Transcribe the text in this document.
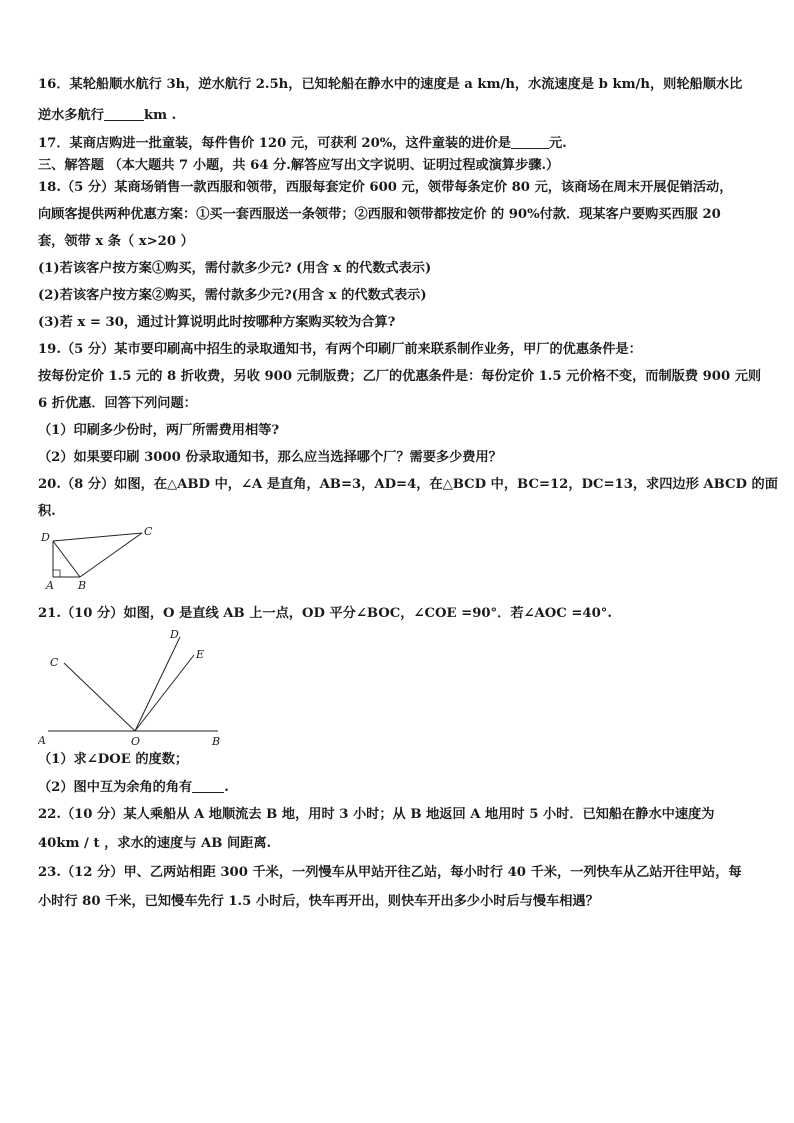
16．某轮船顺水航行 3h，逆水航行 2.5h，已知轮船在静水中的速度是 a km/h，水流速度是 b km/h，则轮船顺水比

逆水多航行	km .

17．某商店购进一批童装，每件售价 120 元，可获利 20%，这件童装的进价是	元.

三、解答题 （本大题共 7 小题，共 64 分.解答应写出文字说明、证明过程或演算步骤.）

18.（5 分）某商场销售一款西服和领带，西服每套定价 600 元，领带每条定价 80 元，该商场在周末开展促销活动，

向顾客提供两种优惠方案：①买一套西服送一条领带；②西服和领带都按定价 的 90%付款．现某客户要购买西服 20

套，领带 x 条（ x>20 ）

(1)若该客户按方案①购买，需付款多少元? (用含 x 的代数式表示)

(2)若该客户按方案②购买，需付款多少元?(用含 x 的代数式表示)

(3)若 x = 30，通过计算说明此时按哪种方案购买较为合算?

19.（5 分）某市要印刷高中招生的录取通知书，有两个印刷厂前来联系制作业务，甲厂的优惠条件是：

按每份定价 1.5 元的 8 折收费，另收 900 元制版费；乙厂的优惠条件是：每份定价 1.5 元价格不变，而制版费 900 元则

6 折优惠．回答下列问题：

（1）印刷多少份时，两厂所需费用相等?

（2）如果要印刷 3000 份录取通知书，那么应当选择哪个厂？需要多少费用？

20.（8 分）如图，在△ABD 中，∠A 是直角，AB=3，AD=4，在△BCD 中，BC=12，DC=13，求四边形 ABCD 的面

积.

D	C
A B

21.（10 分）如图，O 是直线 AB 上一点，OD 平分∠BOC，∠COE =90°．若∠AOC =40°.

C
D
E
A	O	B

（1）求∠DOE 的度数；

（2）图中互为余角的角有 .

22.（10 分）某人乘船从 A 地顺流去 B 地，用时 3 小时；从 B 地返回 A 地用时 5 小时．已知船在静水中速度为

40km / t ，求水的速度与 AB 间距离.

23.（12 分）甲、乙两站相距 300 千米，一列慢车从甲站开往乙站，每小时行 40 千米，一列快车从乙站开往甲站，每

小时行 80 千米，已知慢车先行 1.5 小时后，快车再开出，则快车开出多少小时后与慢车相遇？
